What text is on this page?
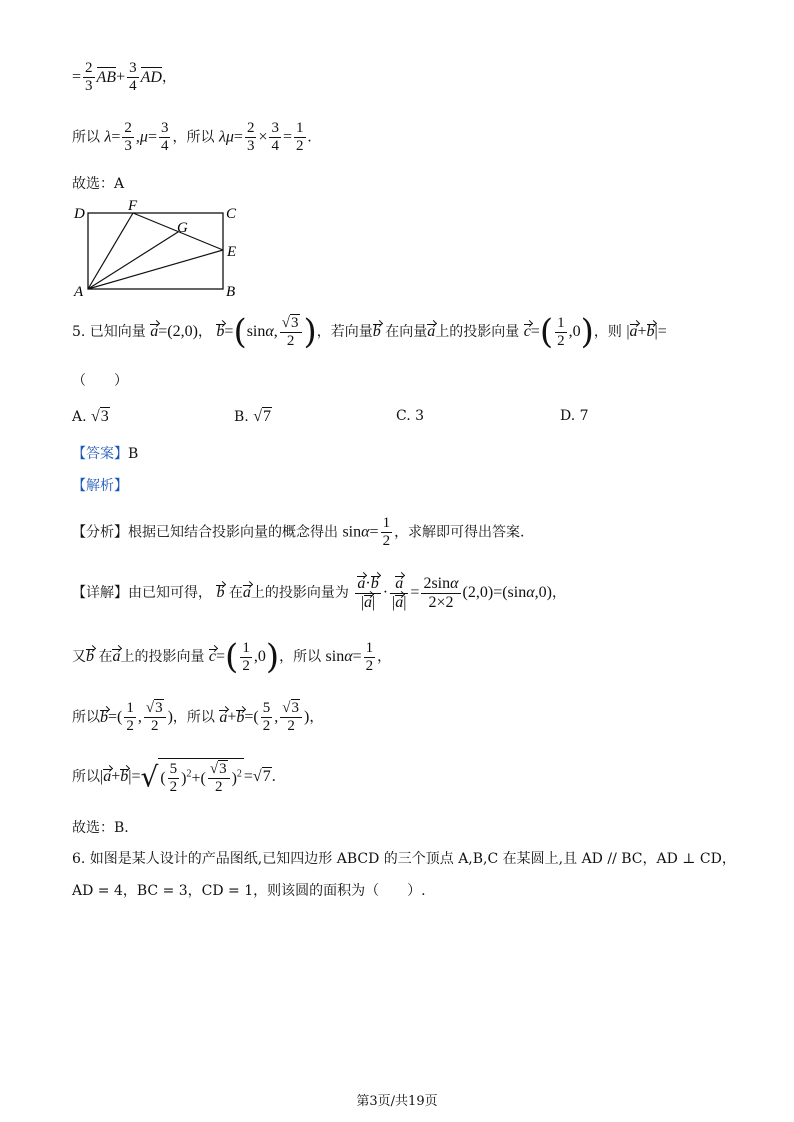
= $\frac{2}{3} AB+ \frac{3}{4}$ AD，
所以 $\lambda= \frac{2}{3} ,\mu= \frac{3}{4}$ ，所以 $\lambda\mu= \frac{2}{3} \times \frac{3}{4} = \frac{1}{2}$ .
故选：A
D	F	C
G
E
A	B
5. 已知向量 a=(2,0)， b=(sinα, $\frac{√3}{2}$ )，若向量b 在向量a上的投影向量 $c=( \frac{1}{2} ,0)$，则 |a+b|=
（　　）
A. √3	B. √7	C. 3	D. 7
【答案】B
【解析】
【分析】根据已知结合投影向量的概念得出 $\sin\alpha= \frac{1}{2}$ ，求解即可得出答案.
【详解】由已知可得， b 在a上的投影向量为 $\frac{a\cdot b}{|a|} \cdot \frac{a}{|a|} = \frac{2\sin\alpha}{2\times 2} (2,0)=(\sin\alpha,0)$，
又b 在a上的投影向量 $c=( \frac{1}{2} ,0)$，所以 $\sin\alpha= \frac{1}{2}$ ，
所以$b=( \frac{1}{2}$ , $\frac{√3}{2}$ )，所以 $a+b=( \frac{5}{2}$ , $\frac{√3}{2}$ )，
所以|a+b|=√ ( $\frac{5}{2} )^2+( \frac{√3}{2} )^2 =√7$.
故选：B.
6. 如图是某人设计的产品图纸,已知四边形 ABCD 的三个顶点 A,B,C 在某圆上,且 AD // BC，AD ⊥ CD，
AD = 4，BC = 3，CD = 1，则该圆的面积为（　　）.
第3页/共19页
